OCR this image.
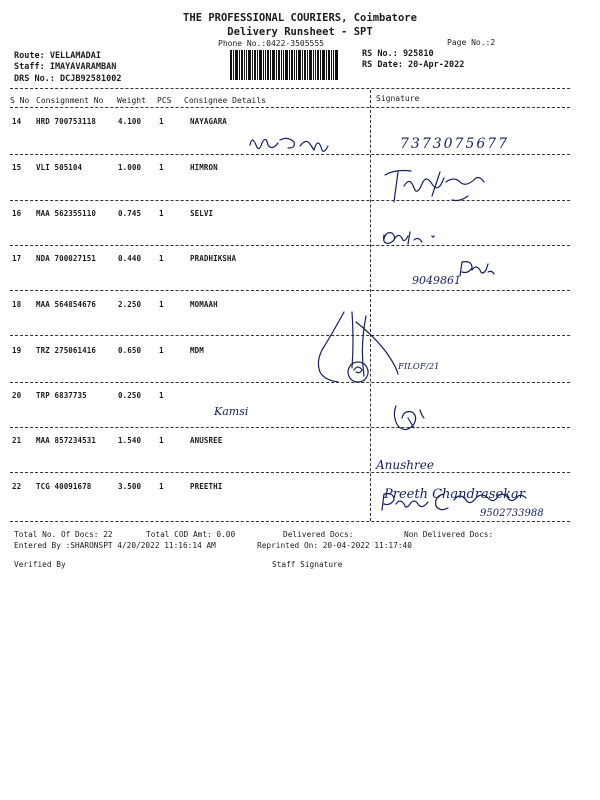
THE PROFESSIONAL COURIERS, Coimbatore
Delivery Runsheet - SPT
Phone No.:0422-3505555	Page No.:2
Route: VELLAMADAI
Staff: IMAYAVARAMBAN
DRS No.: DCJB92581002
RS No.: 925810
RS Date: 20-Apr-2022
S No Consignment No Weight PCS Consignee Details	Signature
14 HRD 700753118	4.100 1	NAYAGARA
15 VLI 505104	1.000 1	HIMRON
16 MAA 562355110	0.745 1	SELVI
17 NDA 700027151	0.440 1	PRADHIKSHA
18 MAA 564854676	2.250 1	MOMAAH
19 TRZ 275061416	0.650 1	MDM
20 TRP 6837735	0.250 1
21 MAA 857234531	1.540 1	ANUSREE
22 TCG 40091678	3.500 1	PREETHI
7373075677
9049861
FILOF/21
Kamsi
Anushree
Preeth Chandrasekar
9502733988
Total No. Of Docs: 22	Total COD Amt: 0.00	Delivered Docs:	Non Delivered Docs:
Entered By :SHARONSPT 4/20/2022 11:16:14 AM	Reprinted On: 20-04-2022 11:17:40
Verified By	Staff Signature
